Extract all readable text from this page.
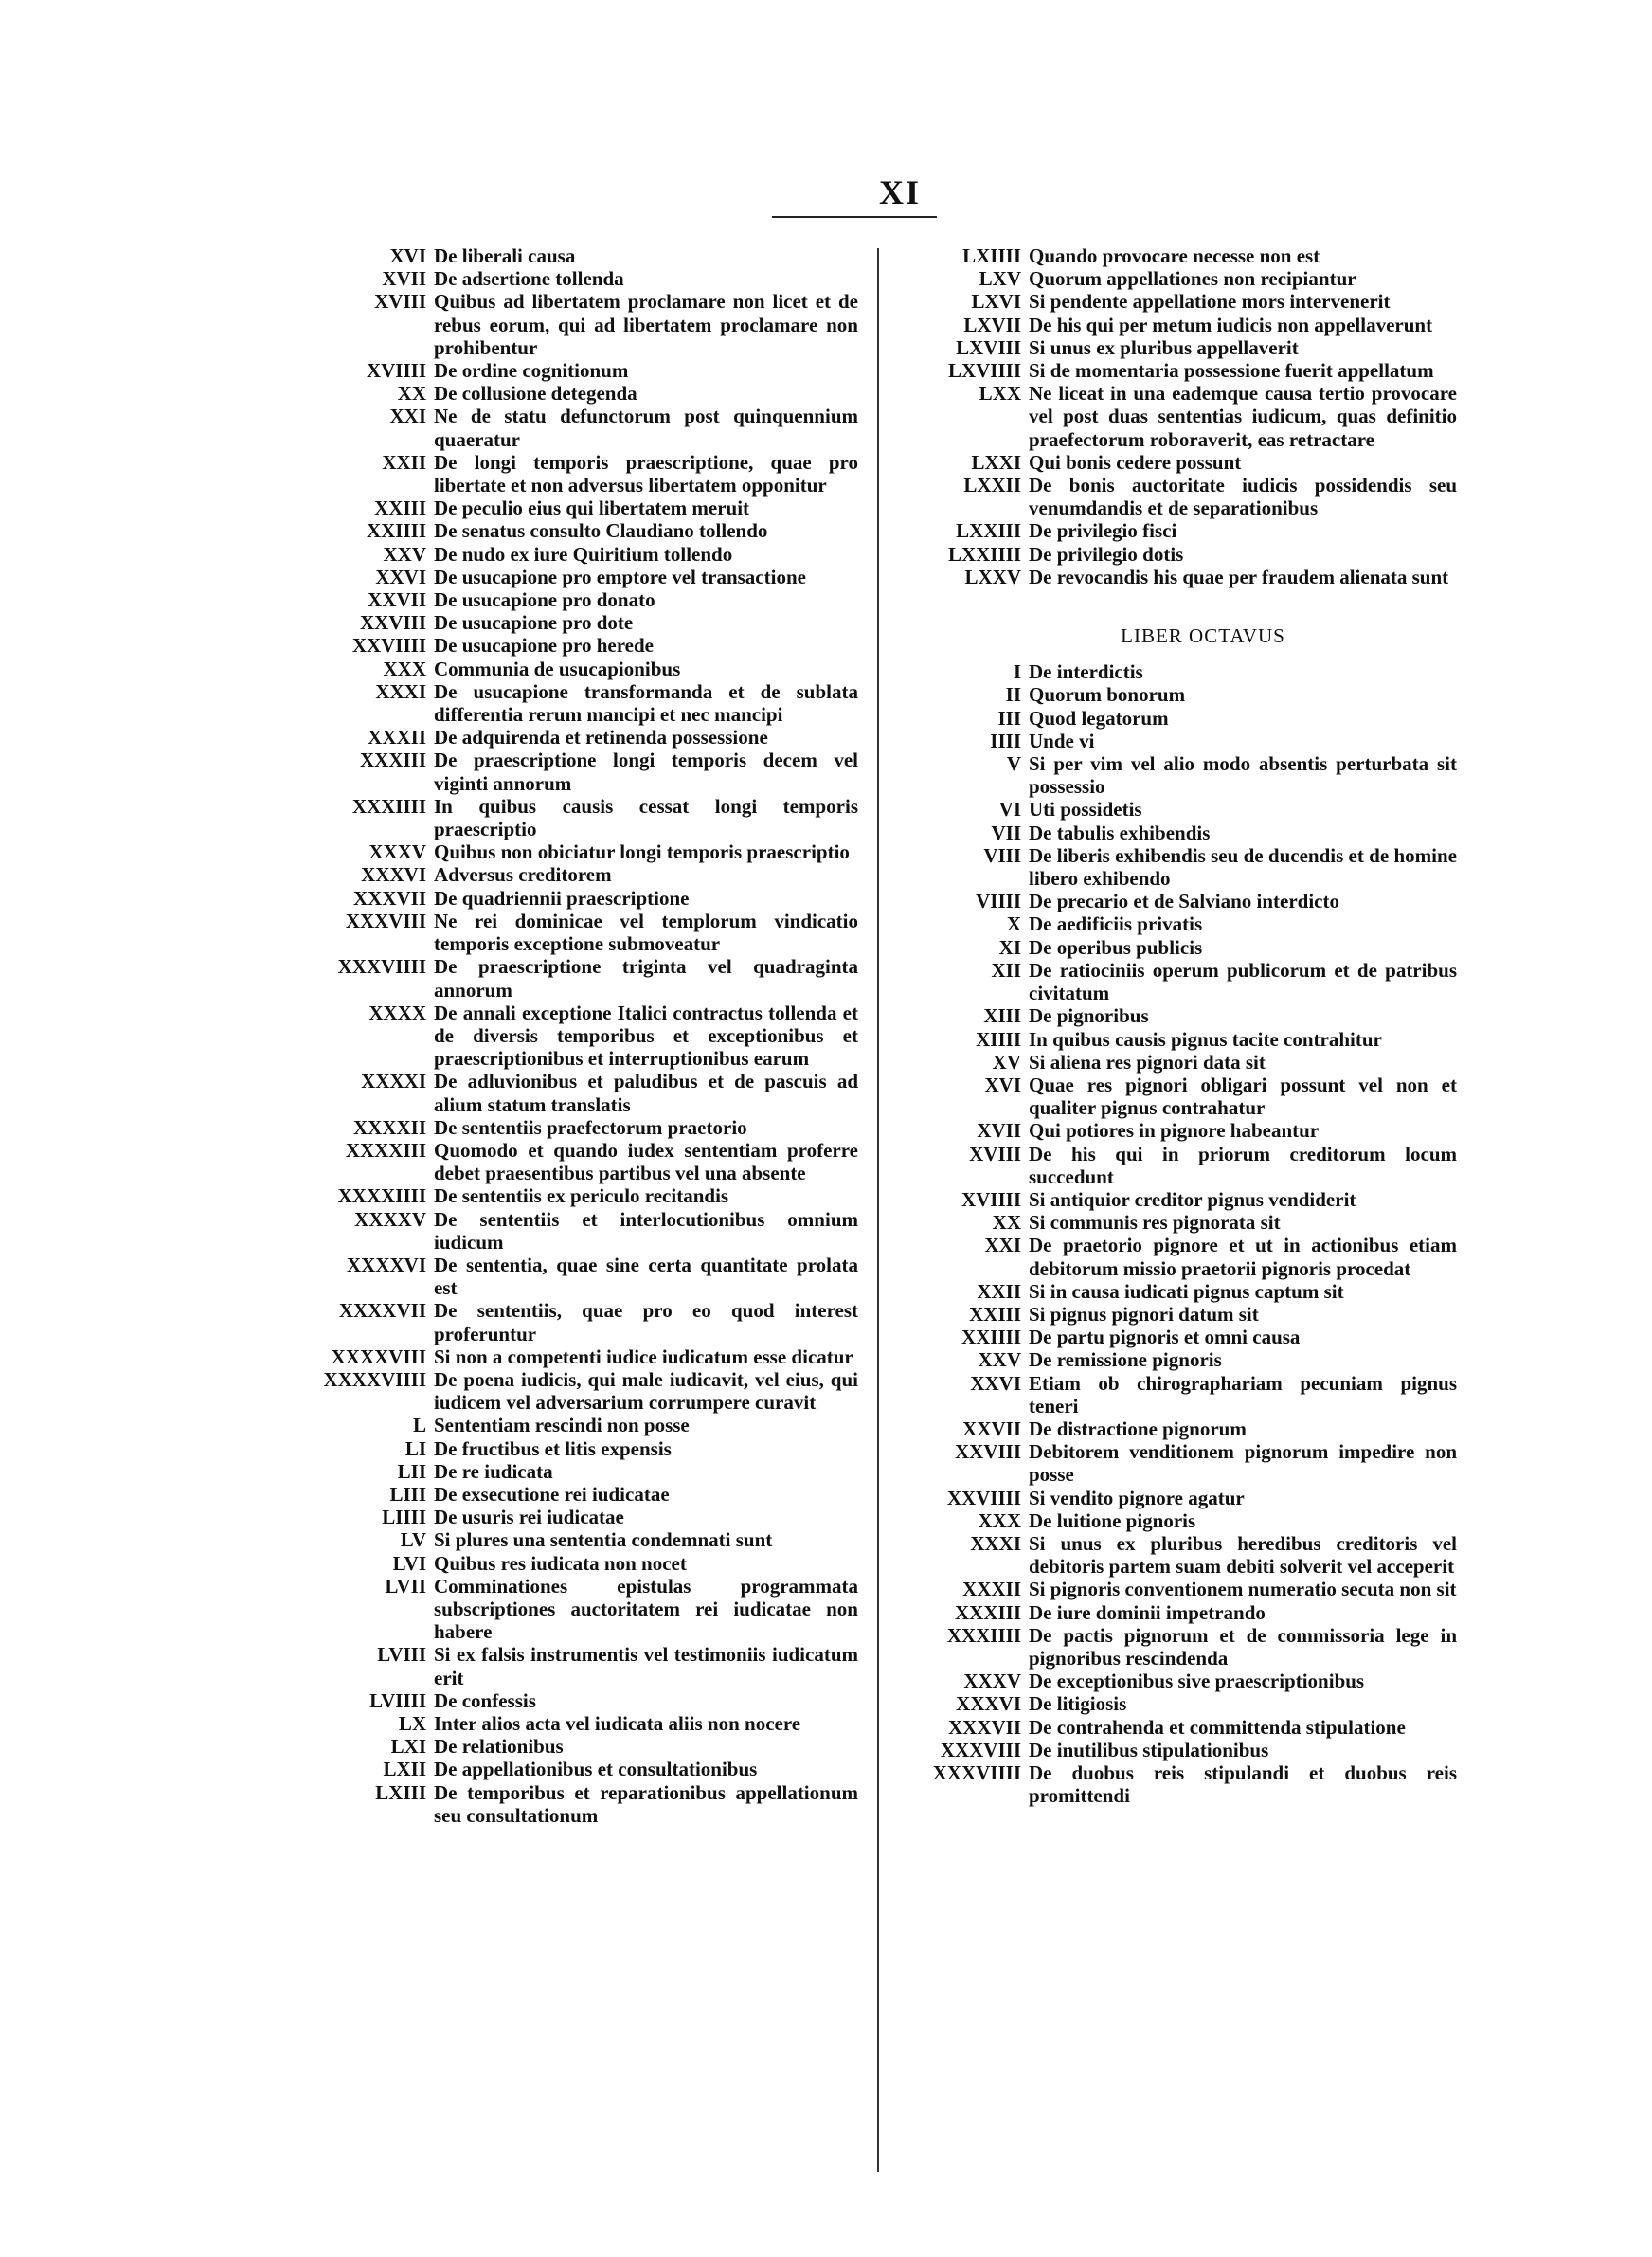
XI
XVI De liberali causa
XVII De adsertione tollenda
XVIII Quibus ad libertatem proclamare non licet et de rebus eorum, qui ad libertatem proclamare non prohibentur
XVIIII De ordine cognitionum
XX De collusione detegenda
XXI Ne de statu defunctorum post quinquennium quaeratur
XXII De longi temporis praescriptione, quae pro libertate et non adversus libertatem opponitur
XXIII De peculio eius qui libertatem meruit
XXIIII De senatus consulto Claudiano tollendo
XXV De nudo ex iure Quiritium tollendo
XXVI De usucapione pro emptore vel transactione
XXVII De usucapione pro donato
XXVIII De usucapione pro dote
XXVIIII De usucapione pro herede
XXX Communia de usucapionibus
XXXI De usucapione transformanda et de sublata differentia rerum mancipi et nec mancipi
XXXII De adquirenda et retinenda possessione
XXXIII De praescriptione longi temporis decem vel viginti annorum
XXXIIII In quibus causis cessat longi temporis praescriptio
XXXV Quibus non obiciatur longi temporis praescriptio
XXXVI Adversus creditorem
XXXVII De quadriennii praescriptione
XXXVIII Ne rei dominicae vel templorum vindicatio temporis exceptione submoveatur
XXXVIIII De praescriptione triginta vel quadraginta annorum
XXXX De annali exceptione Italici contractus tollenda et de diversis temporibus et exceptionibus et praescriptionibus et interruptionibus earum
XXXXI De adluvionibus et paludibus et de pascuis ad alium statum translatis
XXXXII De sententiis praefectorum praetorio
XXXXIII Quomodo et quando iudex sententiam proferre debet praesentibus partibus vel una absente
XXXXIIII De sententiis ex periculo recitandis
XXXXV De sententiis et interlocutionibus omnium iudicum
XXXXVI De sententia, quae sine certa quantitate prolata est
XXXXVII De sententiis, quae pro eo quod interest proferuntur
XXXXVIII Si non a competenti iudice iudicatum esse dicatur
XXXXVIIII De poena iudicis, qui male iudicavit, vel eius, qui iudicem vel adversarium corrumpere curavit
L Sententiam rescindi non posse
LI De fructibus et litis expensis
LII De re iudicata
LIII De exsecutione rei iudicatae
LIIII De usuris rei iudicatae
LV Si plures una sententia condemnati sunt
LVI Quibus res iudicata non nocet
LVII Comminationes epistulas programmata subscriptiones auctoritatem rei iudicatae non habere
LVIII Si ex falsis instrumentis vel testimoniis iudicatum erit
LVIIII De confessis
LX Inter alios acta vel iudicata aliis non nocere
LXI De relationibus
LXII De appellationibus et consultationibus
LXIII De temporibus et reparationibus appellationum seu consultationum
LXIIII Quando provocare necesse non est
LXV Quorum appellationes non recipiantur
LXVI Si pendente appellatione mors intervenerit
LXVII De his qui per metum iudicis non appellaverunt
LXVIII Si unus ex pluribus appellaverit
LXVIIII Si de momentaria possessione fuerit appellatum
LXX Ne liceat in una eademque causa tertio provocare vel post duas sententias iudicum, quas definitio praefectorum roboraverit, eas retractare
LXXI Qui bonis cedere possunt
LXXII De bonis auctoritate iudicis possidendis seu venumdandis et de separationibus
LXXIII De privilegio fisci
LXXIIII De privilegio dotis
LXXV De revocandis his quae per fraudem alienata sunt
LIBER OCTAVUS
I De interdictis
II Quorum bonorum
III Quod legatorum
IIII Unde vi
V Si per vim vel alio modo absentis perturbata sit possessio
VI Uti possidetis
VII De tabulis exhibendis
VIII De liberis exhibendis seu de ducendis et de homine libero exhibendo
VIIII De precario et de Salviano interdicto
X De aedificiis privatis
XI De operibus publicis
XII De ratiociniis operum publicorum et de patribus civitatum
XIII De pignoribus
XIIII In quibus causis pignus tacite contrahitur
XV Si aliena res pignori data sit
XVI Quae res pignori obligari possunt vel non et qualiter pignus contrahatur
XVII Qui potiores in pignore habeantur
XVIII De his qui in priorum creditorum locum succedunt
XVIIII Si antiquior creditor pignus vendiderit
XX Si communis res pignorata sit
XXI De praetorio pignore et ut in actionibus etiam debitorum missio praetorii pignoris procedat
XXII Si in causa iudicati pignus captum sit
XXIII Si pignus pignori datum sit
XXIIII De partu pignoris et omni causa
XXV De remissione pignoris
XXVI Etiam ob chirographariam pecuniam pignus teneri
XXVII De distractione pignorum
XXVIII Debitorem venditionem pignorum impedire non posse
XXVIIII Si vendito pignore agatur
XXX De luitione pignoris
XXXI Si unus ex pluribus heredibus creditoris vel debitoris partem suam debiti solverit vel acceperit
XXXII Si pignoris conventionem numeratio secuta non sit
XXXIII De iure dominii impetrando
XXXIIII De pactis pignorum et de commissoria lege in pignoribus rescindenda
XXXV De exceptionibus sive praescriptionibus
XXXVI De litigiosis
XXXVII De contrahenda et committenda stipulatione
XXXVIII De inutilibus stipulationibus
XXXVIIII De duobus reis stipulandi et duobus reis promittendi
